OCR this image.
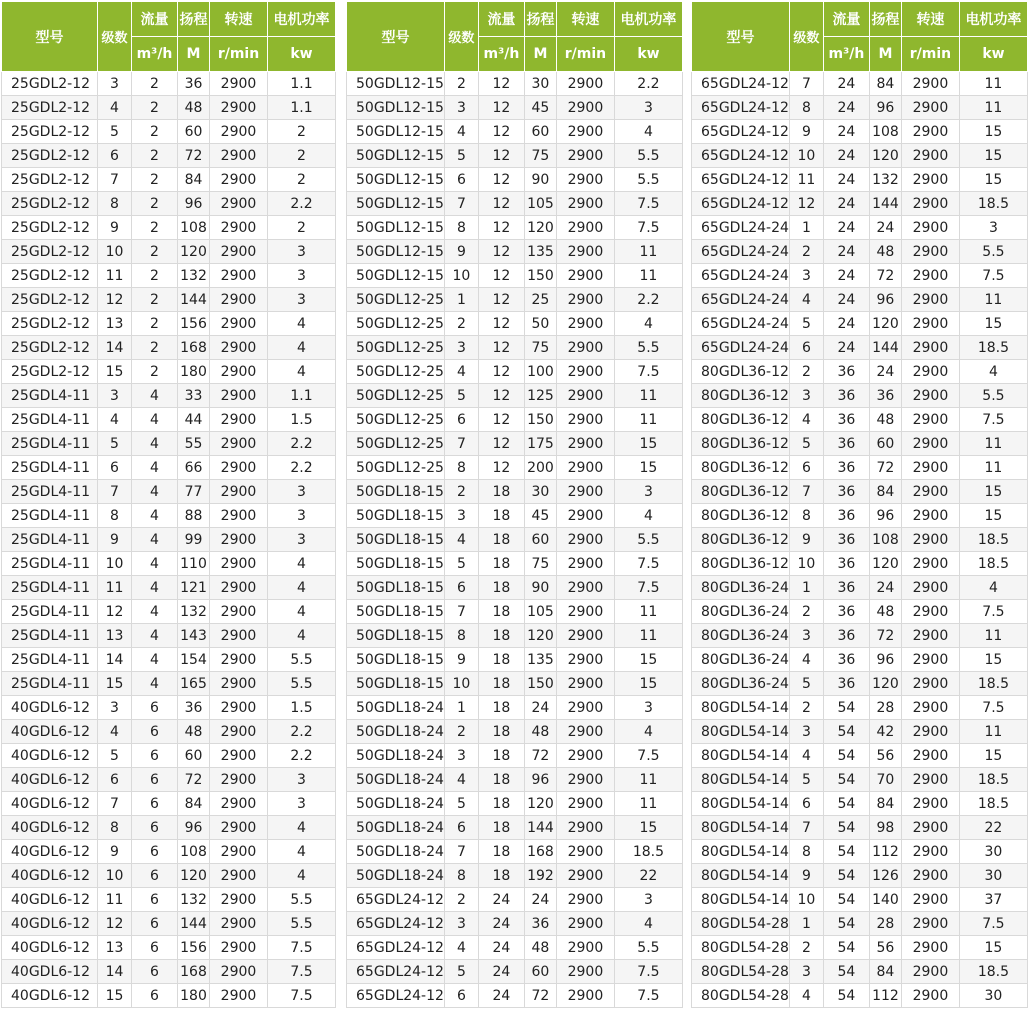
型号	级数	流量	扬程	转速	电机功率
		m³/h	M	r/min	kw
25GDL2-12	3	2	36	2900	1.1
25GDL2-12	4	2	48	2900	1.1
25GDL2-12	5	2	60	2900	2
25GDL2-12	6	2	72	2900	2
25GDL2-12	7	2	84	2900	2
25GDL2-12	8	2	96	2900	2.2
25GDL2-12	9	2	108	2900	2
25GDL2-12	10	2	120	2900	3
25GDL2-12	11	2	132	2900	3
25GDL2-12	12	2	144	2900	3
25GDL2-12	13	2	156	2900	4
25GDL2-12	14	2	168	2900	4
25GDL2-12	15	2	180	2900	4
25GDL4-11	3	4	33	2900	1.1
25GDL4-11	4	4	44	2900	1.5
25GDL4-11	5	4	55	2900	2.2
25GDL4-11	6	4	66	2900	2.2
25GDL4-11	7	4	77	2900	3
25GDL4-11	8	4	88	2900	3
25GDL4-11	9	4	99	2900	3
25GDL4-11	10	4	110	2900	4
25GDL4-11	11	4	121	2900	4
25GDL4-11	12	4	132	2900	4
25GDL4-11	13	4	143	2900	4
25GDL4-11	14	4	154	2900	5.5
25GDL4-11	15	4	165	2900	5.5
40GDL6-12	3	6	36	2900	1.5
40GDL6-12	4	6	48	2900	2.2
40GDL6-12	5	6	60	2900	2.2
40GDL6-12	6	6	72	2900	3
40GDL6-12	7	6	84	2900	3
40GDL6-12	8	6	96	2900	4
40GDL6-12	9	6	108	2900	4
40GDL6-12	10	6	120	2900	4
40GDL6-12	11	6	132	2900	5.5
40GDL6-12	12	6	144	2900	5.5
40GDL6-12	13	6	156	2900	7.5
40GDL6-12	14	6	168	2900	7.5
40GDL6-12	15	6	180	2900	7.5
型号	级数	流量	扬程	转速	电机功率
		m³/h	M	r/min	kw
50GDL12-15	2	12	30	2900	2.2
50GDL12-15	3	12	45	2900	3
50GDL12-15	4	12	60	2900	4
50GDL12-15	5	12	75	2900	5.5
50GDL12-15	6	12	90	2900	5.5
50GDL12-15	7	12	105	2900	7.5
50GDL12-15	8	12	120	2900	7.5
50GDL12-15	9	12	135	2900	11
50GDL12-15	10	12	150	2900	11
50GDL12-25	1	12	25	2900	2.2
50GDL12-25	2	12	50	2900	4
50GDL12-25	3	12	75	2900	5.5
50GDL12-25	4	12	100	2900	7.5
50GDL12-25	5	12	125	2900	11
50GDL12-25	6	12	150	2900	11
50GDL12-25	7	12	175	2900	15
50GDL12-25	8	12	200	2900	15
50GDL18-15	2	18	30	2900	3
50GDL18-15	3	18	45	2900	4
50GDL18-15	4	18	60	2900	5.5
50GDL18-15	5	18	75	2900	7.5
50GDL18-15	6	18	90	2900	7.5
50GDL18-15	7	18	105	2900	11
50GDL18-15	8	18	120	2900	11
50GDL18-15	9	18	135	2900	15
50GDL18-15	10	18	150	2900	15
50GDL18-24	1	18	24	2900	3
50GDL18-24	2	18	48	2900	4
50GDL18-24	3	18	72	2900	7.5
50GDL18-24	4	18	96	2900	11
50GDL18-24	5	18	120	2900	11
50GDL18-24	6	18	144	2900	15
50GDL18-24	7	18	168	2900	18.5
50GDL18-24	8	18	192	2900	22
65GDL24-12	2	24	24	2900	3
65GDL24-12	3	24	36	2900	4
65GDL24-12	4	24	48	2900	5.5
65GDL24-12	5	24	60	2900	7.5
65GDL24-12	6	24	72	2900	7.5
型号	级数	流量	扬程	转速	电机功率
		m³/h	M	r/min	kw
65GDL24-12	7	24	84	2900	11
65GDL24-12	8	24	96	2900	11
65GDL24-12	9	24	108	2900	15
65GDL24-12	10	24	120	2900	15
65GDL24-12	11	24	132	2900	15
65GDL24-12	12	24	144	2900	18.5
65GDL24-24	1	24	24	2900	3
65GDL24-24	2	24	48	2900	5.5
65GDL24-24	3	24	72	2900	7.5
65GDL24-24	4	24	96	2900	11
65GDL24-24	5	24	120	2900	15
65GDL24-24	6	24	144	2900	18.5
80GDL36-12	2	36	24	2900	4
80GDL36-12	3	36	36	2900	5.5
80GDL36-12	4	36	48	2900	7.5
80GDL36-12	5	36	60	2900	11
80GDL36-12	6	36	72	2900	11
80GDL36-12	7	36	84	2900	15
80GDL36-12	8	36	96	2900	15
80GDL36-12	9	36	108	2900	18.5
80GDL36-12	10	36	120	2900	18.5
80GDL36-24	1	36	24	2900	4
80GDL36-24	2	36	48	2900	7.5
80GDL36-24	3	36	72	2900	11
80GDL36-24	4	36	96	2900	15
80GDL36-24	5	36	120	2900	18.5
80GDL54-14	2	54	28	2900	7.5
80GDL54-14	3	54	42	2900	11
80GDL54-14	4	54	56	2900	15
80GDL54-14	5	54	70	2900	18.5
80GDL54-14	6	54	84	2900	18.5
80GDL54-14	7	54	98	2900	22
80GDL54-14	8	54	112	2900	30
80GDL54-14	9	54	126	2900	30
80GDL54-14	10	54	140	2900	37
80GDL54-28	1	54	28	2900	7.5
80GDL54-28	2	54	56	2900	15
80GDL54-28	3	54	84	2900	18.5
80GDL54-28	4	54	112	2900	30
